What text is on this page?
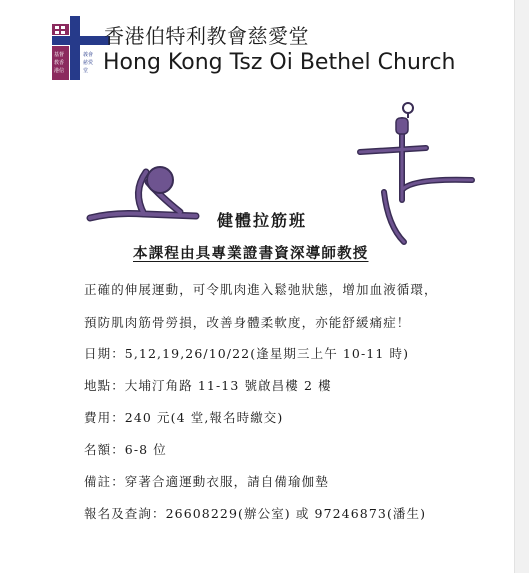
基督
教香
港信
義會
慈愛
堂
香港伯特利教會慈愛堂
Hong Kong Tsz Oi Bethel Church
健體拉筋班
本課程由具專業證書資深導師教授
正確的伸展運動，可令肌肉進入鬆弛狀態，增加血液循環，
預防肌肉筋骨勞損，改善身體柔軟度，亦能舒緩痛症！
日期：5,12,19,26/10/22(逢星期三上午 10-11 時)
地點：大埔汀角路 11-13 號啟昌樓 2 樓
費用：240 元(4 堂,報名時繳交)
名額：6-8 位
備註：穿著合適運動衣服，請自備瑜伽墊
報名及查詢：26608229(辦公室) 或 97246873(潘生)
